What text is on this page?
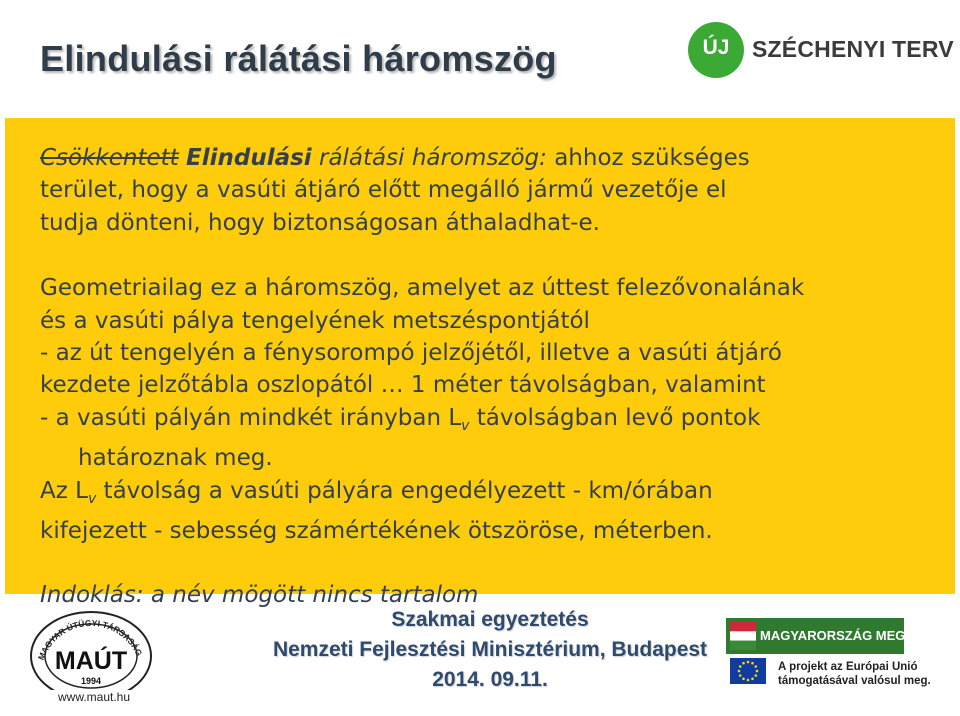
Elindulási rálátási háromszög	ÚJ SZÉCHENYI TERV

Csökkentett Elindulási rálátási háromszög: ahhoz szükséges

terület, hogy a vasúti átjáró előtt megálló jármű vezetője el

tudja dönteni, hogy biztonságosan áthaladhat-e.

Geometriailag ez a háromszög, amelyet az úttest felezővonalának

és a vasúti pálya tengelyének metszéspontjától

- az út tengelyén a fénysorompó jelzőjétől, illetve a vasúti átjáró

kezdete jelzőtábla oszlopától … 1 méter távolságban, valamint

- a vasúti pályán mindkét irányban $L_v$ távolságban levő pontok

határoznak meg.

Az $L_v$ távolság a vasúti pályára engedélyezett - km/órában

kifejezett - sebesség számértékének ötszöröse, méterben.

Indoklás: a név mögött nincs tartalom

MAGYAR ÚTÜGYI TÁRSASÁG
MAÚT
1994
www.maut.hu
Szakmai egyeztetés
Nemzeti Fejlesztési Minisztérium, Budapest
2014. 09.11.
MAGYARORSZÁG MEGÚJUL
A projekt az Európai Unió
támogatásával valósul meg.
